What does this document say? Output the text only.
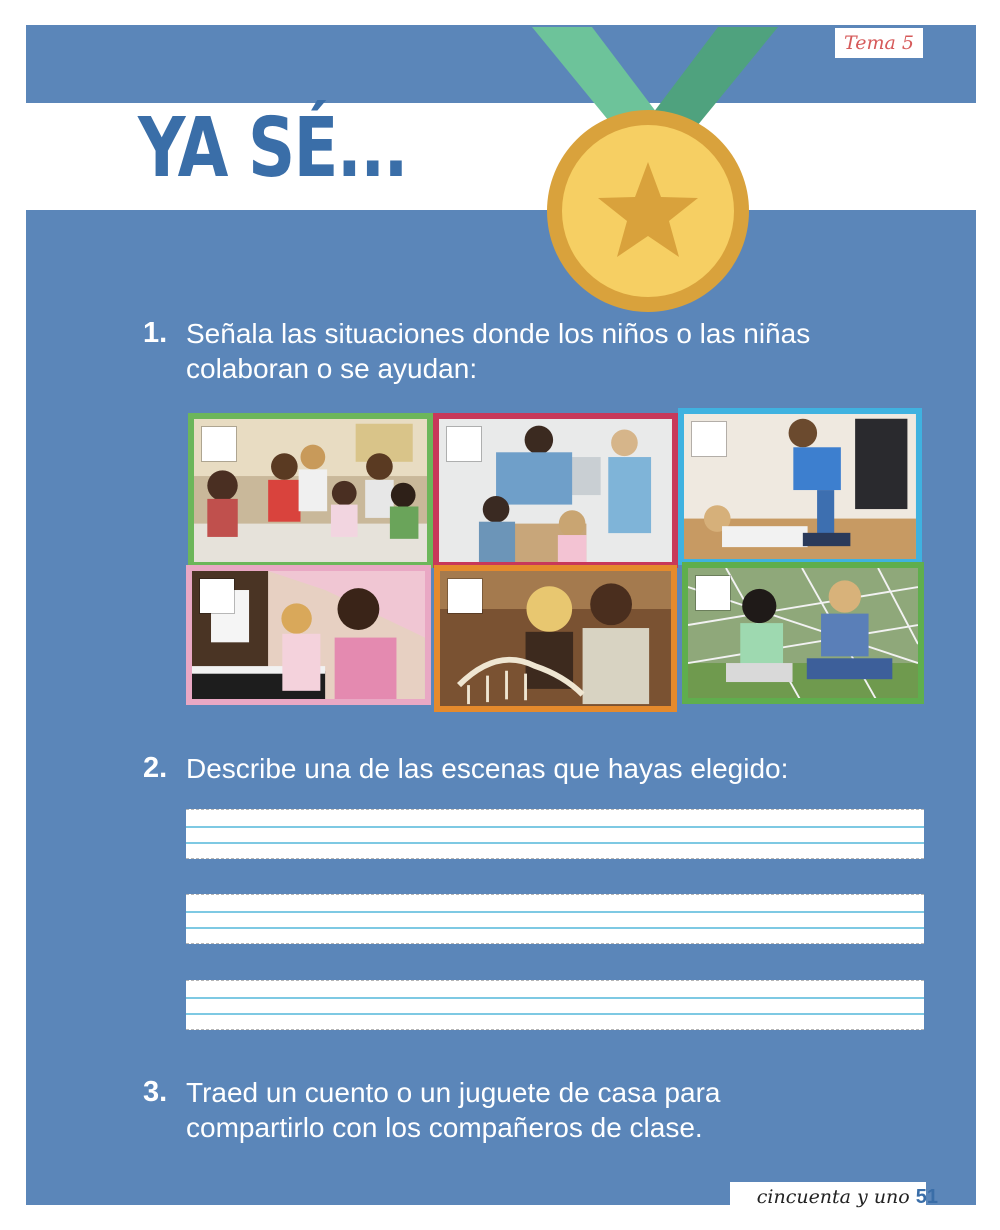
Tema 5
YA SÉ...
1. Señala las situaciones donde los niños o las niñas

colaboran o se ayudan:

2. Describe una de las escenas que hayas elegido:

3. Traed un cuento o un juguete de casa para

compartirlo con los compañeros de clase.

cincuenta y uno 51
